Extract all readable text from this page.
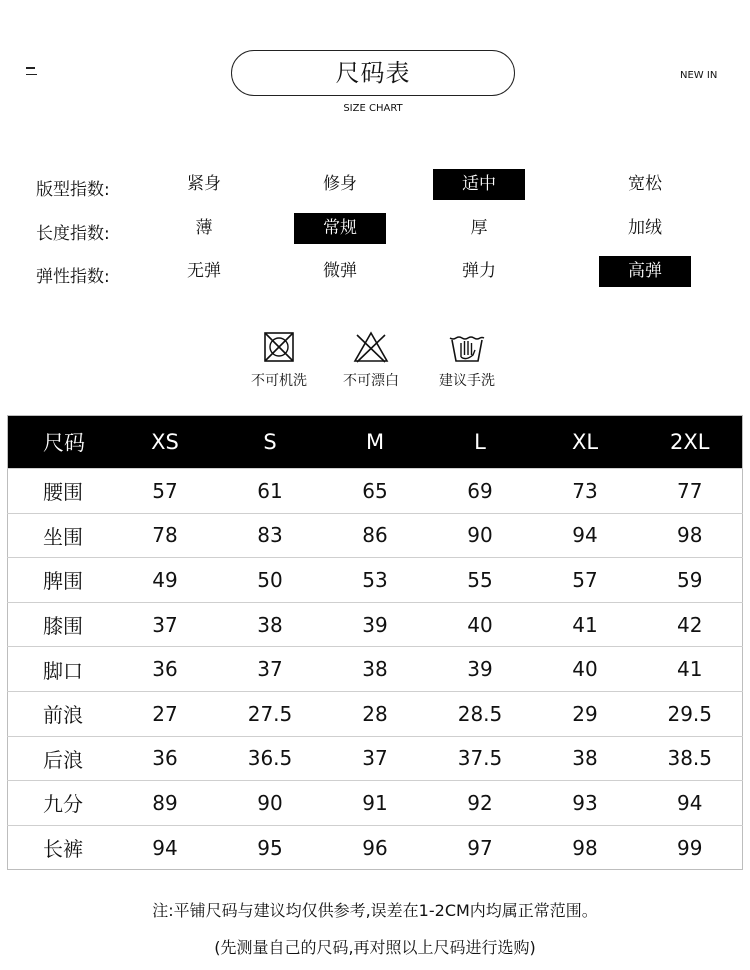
尺码表
SIZE CHART
NEW IN
版型指数:	紧身	修身	适中	宽松
长度指数:	薄	常规	厚	加绒
弹性指数:	无弹	微弹	弹力	高弹
不可机洗	不可漂白	建议手洗
尺码	XS	S	M	L	XL	2XL
腰围	57	61	65	69	73	77
坐围	78	83	86	90	94	98
脾围	49	50	53	55	57	59
膝围	37	38	39	40	41	42
脚口	36	37	38	39	40	41
前浪	27	27.5	28	28.5	29	29.5
后浪	36	36.5	37	37.5	38	38.5
九分	89	90	91	92	93	94
长裤	94	95	96	97	98	99
注:平铺尺码与建议均仅供参考,误差在1-2CM内均属正常范围。
(先测量自己的尺码,再对照以上尺码进行选购)
